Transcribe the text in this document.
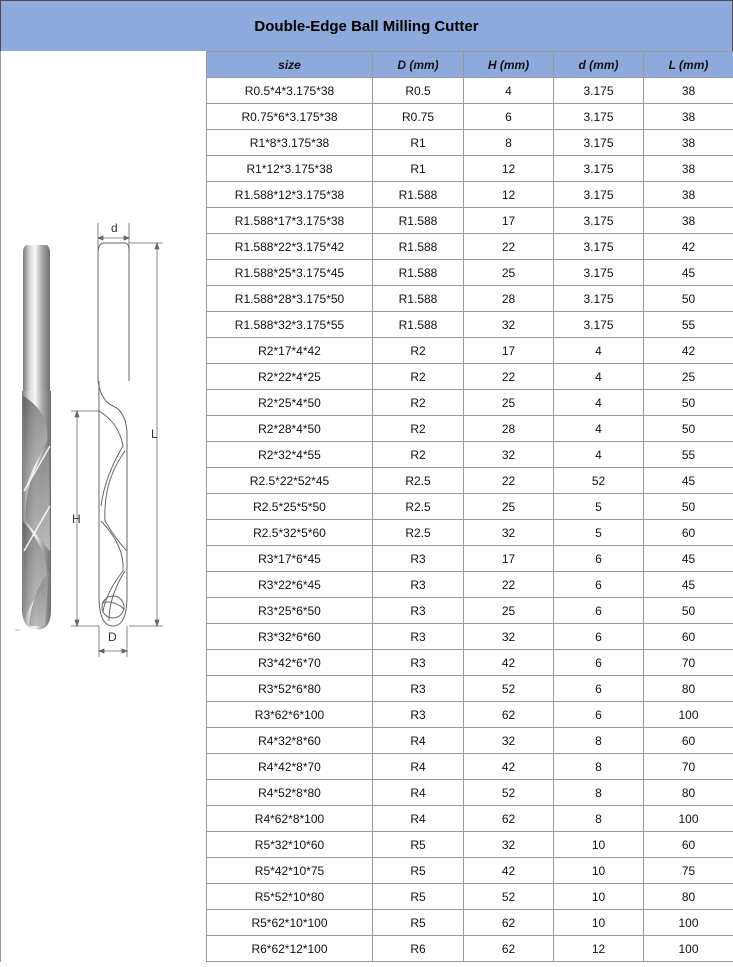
Double-Edge Ball Milling Cutter
d
L
H
D
size	D (mm)	H (mm)	d (mm)	L (mm)
R0.5*4*3.175*38	R0.5	4	3.175	38
R0.75*6*3.175*38	R0.75	6	3.175	38
R1*8*3.175*38	R1	8	3.175	38
R1*12*3.175*38	R1	12	3.175	38
R1.588*12*3.175*38	R1.588	12	3.175	38
R1.588*17*3.175*38	R1.588	17	3.175	38
R1.588*22*3.175*42	R1.588	22	3.175	42
R1.588*25*3.175*45	R1.588	25	3.175	45
R1.588*28*3.175*50	R1.588	28	3.175	50
R1.588*32*3.175*55	R1.588	32	3.175	55
R2*17*4*42	R2	17	4	42
R2*22*4*25	R2	22	4	25
R2*25*4*50	R2	25	4	50
R2*28*4*50	R2	28	4	50
R2*32*4*55	R2	32	4	55
R2.5*22*52*45	R2.5	22	52	45
R2.5*25*5*50	R2.5	25	5	50
R2.5*32*5*60	R2.5	32	5	60
R3*17*6*45	R3	17	6	45
R3*22*6*45	R3	22	6	45
R3*25*6*50	R3	25	6	50
R3*32*6*60	R3	32	6	60
R3*42*6*70	R3	42	6	70
R3*52*6*80	R3	52	6	80
R3*62*6*100	R3	62	6	100
R4*32*8*60	R4	32	8	60
R4*42*8*70	R4	42	8	70
R4*52*8*80	R4	52	8	80
R4*62*8*100	R4	62	8	100
R5*32*10*60	R5	32	10	60
R5*42*10*75	R5	42	10	75
R5*52*10*80	R5	52	10	80
R5*62*10*100	R5	62	10	100
R6*62*12*100	R6	62	12	100
